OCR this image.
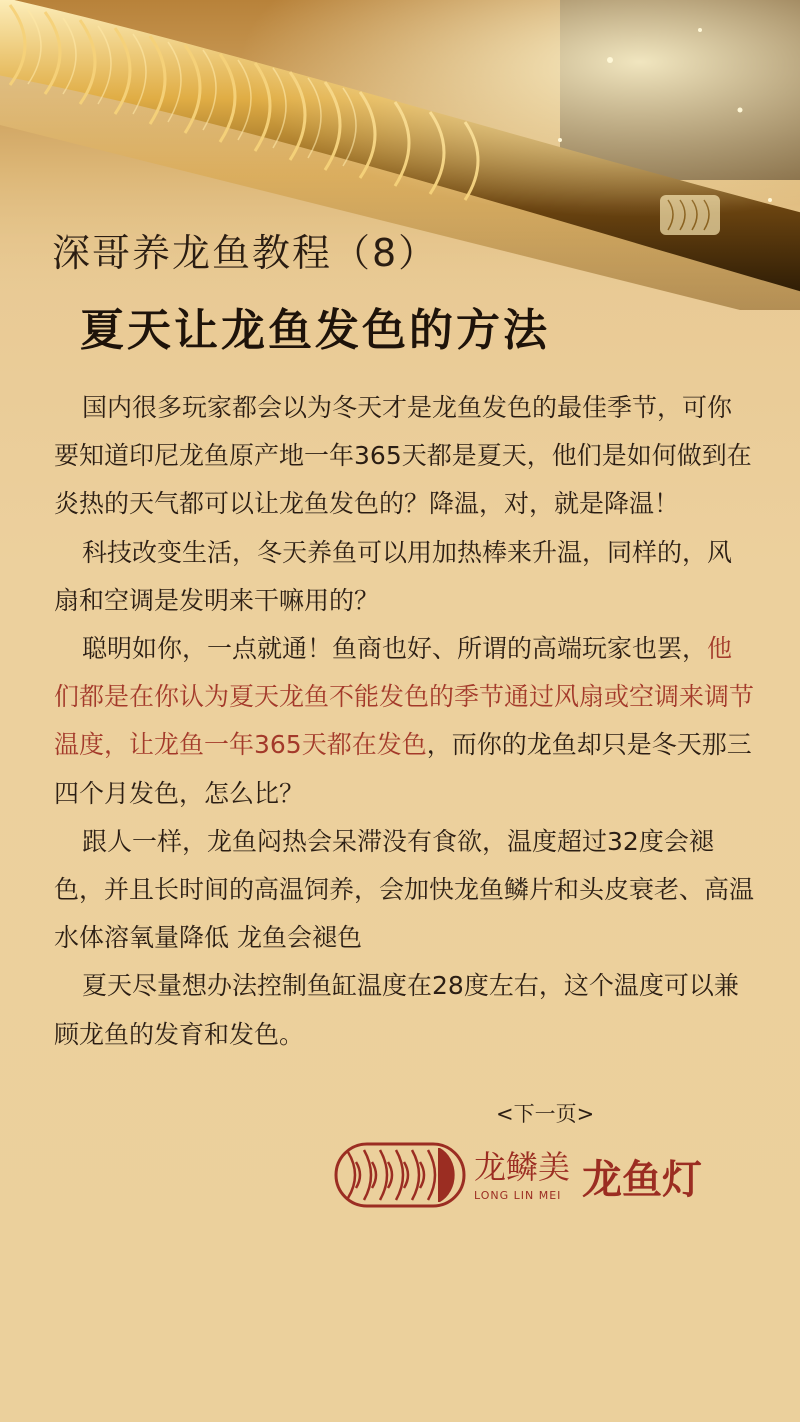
深哥养龙鱼教程（8）
夏天让龙鱼发色的方法

国内很多玩家都会以为冬天才是龙鱼发色的最佳季节，可你要知道印尼龙鱼原产地一年365天都是夏天，他们是如何做到在炎热的天气都可以让龙鱼发色的？降温，对，就是降温！

科技改变生活，冬天养鱼可以用加热棒来升温，同样的，风扇和空调是发明来干嘛用的？

聪明如你，一点就通！鱼商也好、所谓的高端玩家也罢，他们都是在你认为夏天龙鱼不能发色的季节通过风扇或空调来调节温度，让龙鱼一年365天都在发色，而你的龙鱼却只是冬天那三四个月发色，怎么比？

跟人一样，龙鱼闷热会呆滞没有食欲，温度超过32度会褪色，并且长时间的高温饲养，会加快龙鱼鳞片和头皮衰老、高温水体溶氧量降低 龙鱼会褪色

夏天尽量想办法控制鱼缸温度在28度左右，这个温度可以兼顾龙鱼的发育和发色。

<下一页>
龙鳞美
LONG LIN MEI 龙鱼灯
